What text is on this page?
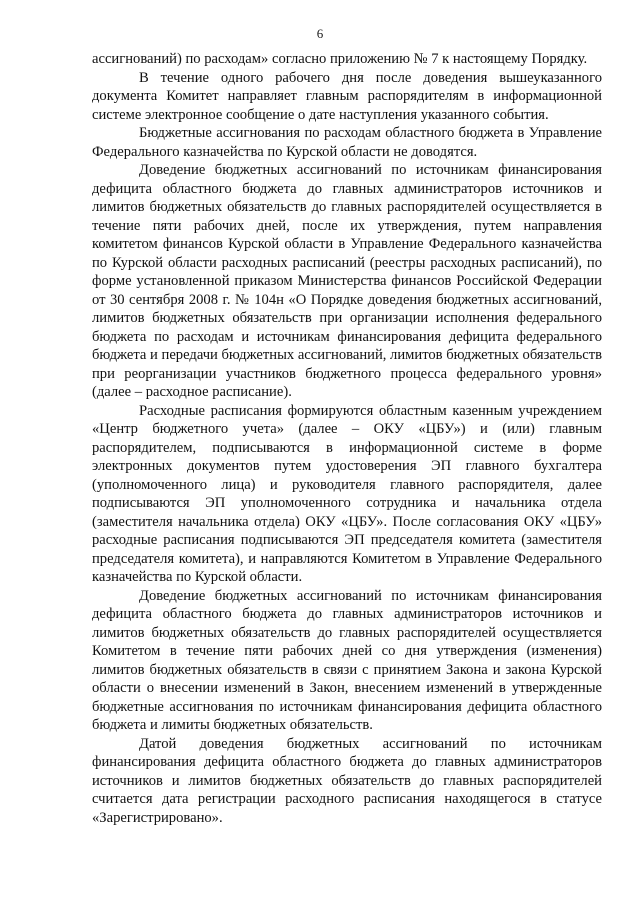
6

ассигнований) по расходам» согласно приложению № 7 к настоящему Порядку.

В течение одного рабочего дня после доведения вышеуказанного документа Комитет направляет главным распорядителям в информационной системе электронное сообщение о дате наступления указанного события.

Бюджетные ассигнования по расходам областного бюджета в Управление Федерального казначейства по Курской области не доводятся.

Доведение бюджетных ассигнований по источникам финансирования дефицита областного бюджета до главных администраторов источников и лимитов бюджетных обязательств до главных распорядителей осуществляется в течение пяти рабочих дней, после их утверждения, путем направления комитетом финансов Курской области в Управление Федерального казначейства по Курской области расходных расписаний (реестры расходных расписаний), по форме установленной приказом Министерства финансов Российской Федерации от 30 сентября 2008 г. № 104н «О Порядке доведения бюджетных ассигнований, лимитов бюджетных обязательств при организации исполнения федерального бюджета по расходам и источникам финансирования дефицита федерального бюджета и передачи бюджетных ассигнований, лимитов бюджетных обязательств при реорганизации участников бюджетного процесса федерального уровня» (далее – расходное расписание).

Расходные расписания формируются областным казенным учреждением «Центр бюджетного учета» (далее – ОКУ «ЦБУ») и (или) главным распорядителем, подписываются в информационной системе в форме электронных документов путем удостоверения ЭП главного бухгалтера (уполномоченного лица) и руководителя главного распорядителя, далее подписываются ЭП уполномоченного сотрудника и начальника отдела (заместителя начальника отдела) ОКУ «ЦБУ». После согласования ОКУ «ЦБУ» расходные расписания подписываются ЭП председателя комитета (заместителя председателя комитета), и направляются Комитетом в Управление Федерального казначейства по Курской области.

Доведение бюджетных ассигнований по источникам финансирования дефицита областного бюджета до главных администраторов источников и лимитов бюджетных обязательств до главных распорядителей осуществляется Комитетом в течение пяти рабочих дней со дня утверждения (изменения) лимитов бюджетных обязательств в связи с принятием Закона и закона Курской области о внесении изменений в Закон, внесением изменений в утвержденные бюджетные ассигнования по источникам финансирования дефицита областного бюджета и лимиты бюджетных обязательств.

Датой доведения бюджетных ассигнований по источникам финансирования дефицита областного бюджета до главных администраторов источников и лимитов бюджетных обязательств до главных распорядителей считается дата регистрации расходного расписания находящегося в статусе «Зарегистрировано».
